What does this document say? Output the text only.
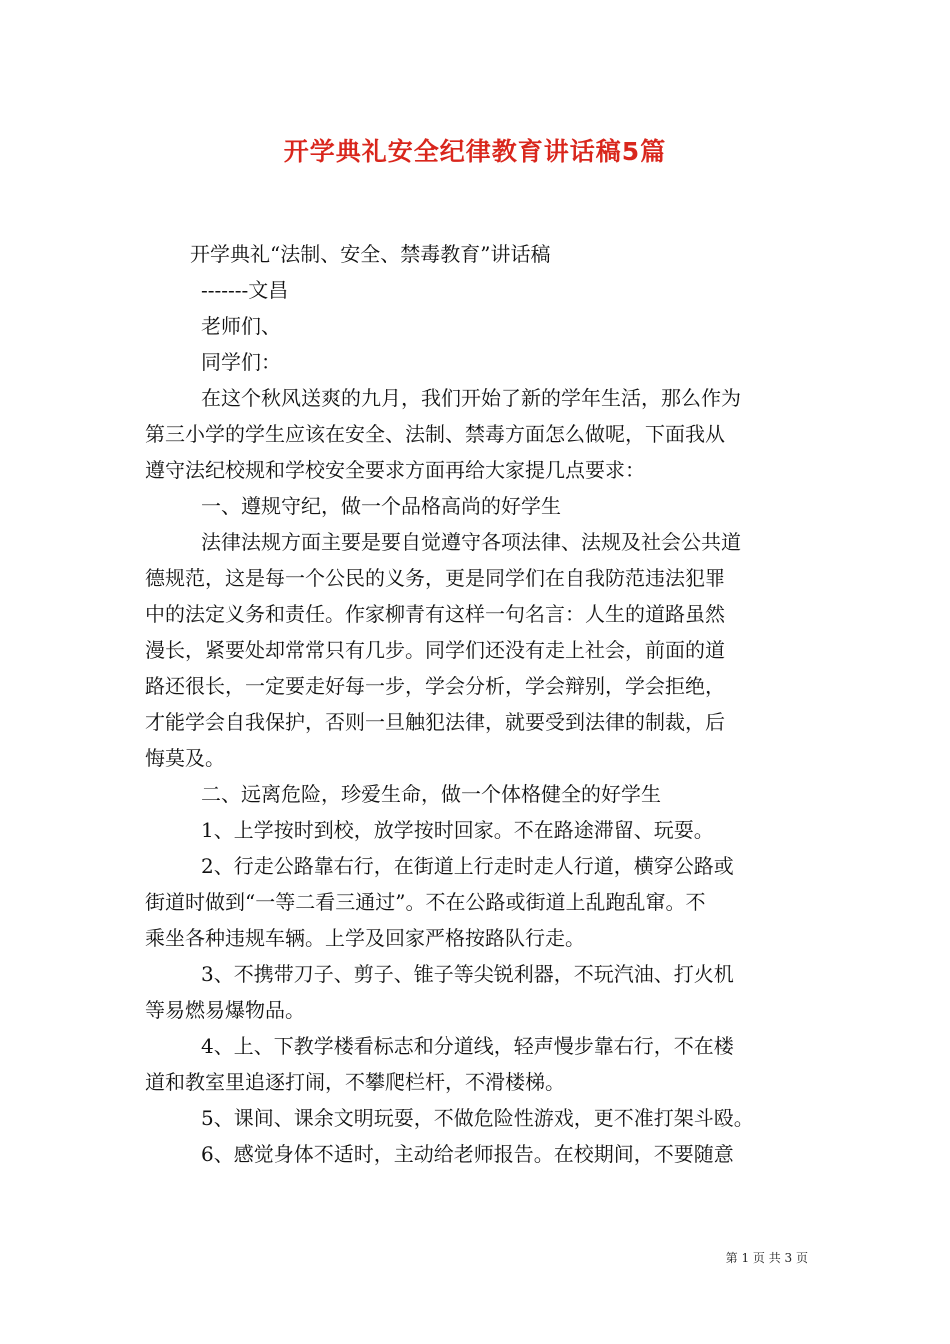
开学典礼安全纪律教育讲话稿5篇

开学典礼“法制、安全、禁毒教育”讲话稿

-------文昌

老师们、

同学们：

在这个秋风送爽的九月，我们开始了新的学年生活，那么作为

第三小学的学生应该在安全、法制、禁毒方面怎么做呢，下面我从

遵守法纪校规和学校安全要求方面再给大家提几点要求：

一、遵规守纪，做一个品格高尚的好学生

法律法规方面主要是要自觉遵守各项法律、法规及社会公共道

德规范，这是每一个公民的义务，更是同学们在自我防范违法犯罪

中的法定义务和责任。作家柳青有这样一句名言：人生的道路虽然

漫长，紧要处却常常只有几步。同学们还没有走上社会，前面的道

路还很长，一定要走好每一步，学会分析，学会辩别，学会拒绝，

才能学会自我保护，否则一旦触犯法律，就要受到法律的制裁，后

悔莫及。

二、远离危险，珍爱生命，做一个体格健全的好学生

1、上学按时到校，放学按时回家。不在路途滞留、玩耍。

2、行走公路靠右行，在街道上行走时走人行道，横穿公路或

街道时做到“一等二看三通过”。不在公路或街道上乱跑乱窜。不

乘坐各种违规车辆。上学及回家严格按路队行走。

3、不携带刀子、剪子、锥子等尖锐利器，不玩汽油、打火机

等易燃易爆物品。

4、上、下教学楼看标志和分道线，轻声慢步靠右行，不在楼

道和教室里追逐打闹，不攀爬栏杆，不滑楼梯。

5、课间、课余文明玩耍，不做危险性游戏，更不准打架斗殴。

6、感觉身体不适时，主动给老师报告。在校期间，不要随意

第 1 页 共 3 页
